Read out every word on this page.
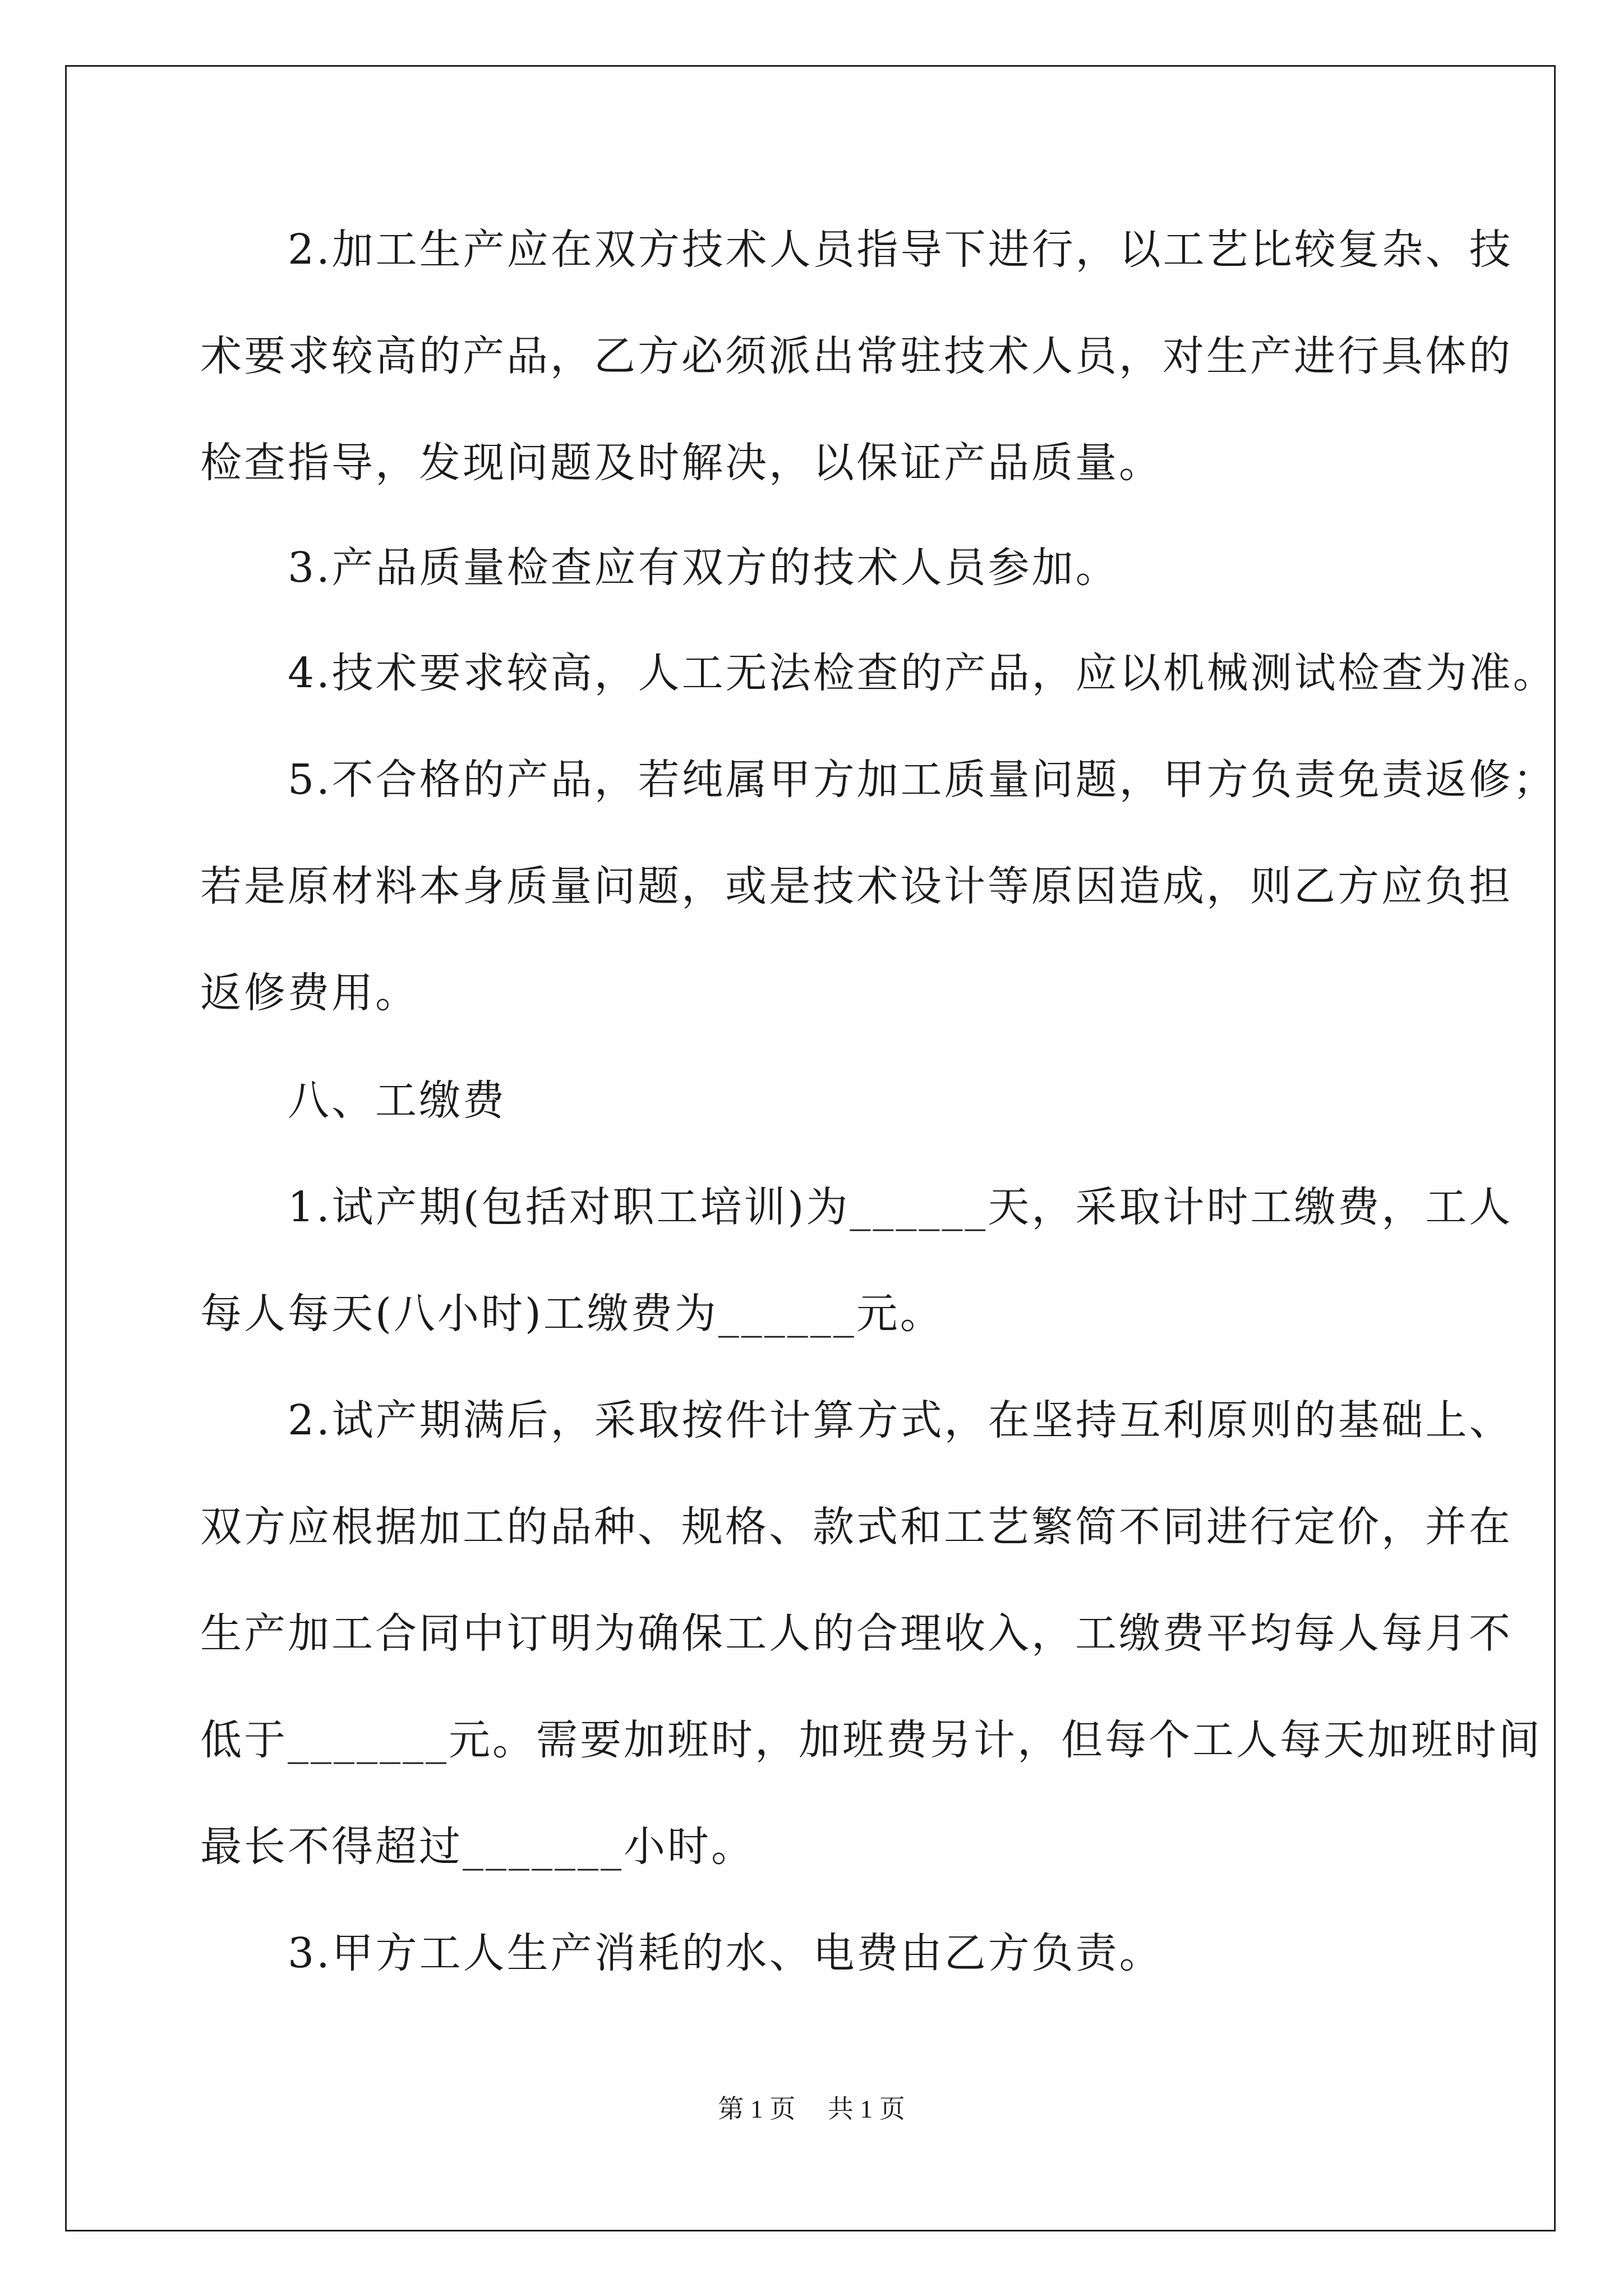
　　2.加工生产应在双方技术人员指导下进行，以工艺比较复杂、技
术要求较高的产品，乙方必须派出常驻技术人员，对生产进行具体的
检查指导，发现问题及时解决，以保证产品质量。
　　3.产品质量检查应有双方的技术人员参加。
　　4.技术要求较高，人工无法检查的产品，应以机械测试检查为准。
　　5.不合格的产品，若纯属甲方加工质量问题，甲方负责免责返修；
若是原材料本身质量问题，或是技术设计等原因造成，则乙方应负担
返修费用。
　　八、工缴费
　　1.试产期(包括对职工培训)为______天，采取计时工缴费，工人
每人每天(八小时)工缴费为______元。
　　2.试产期满后，采取按件计算方式，在坚持互利原则的基础上、
双方应根据加工的品种、规格、款式和工艺繁简不同进行定价，并在
生产加工合同中订明为确保工人的合理收入，工缴费平均每人每月不
低于_______元。需要加班时，加班费另计，但每个工人每天加班时间
最长不得超过_______小时。
　　3.甲方工人生产消耗的水、电费由乙方负责。
第 1 页　 共 1 页
